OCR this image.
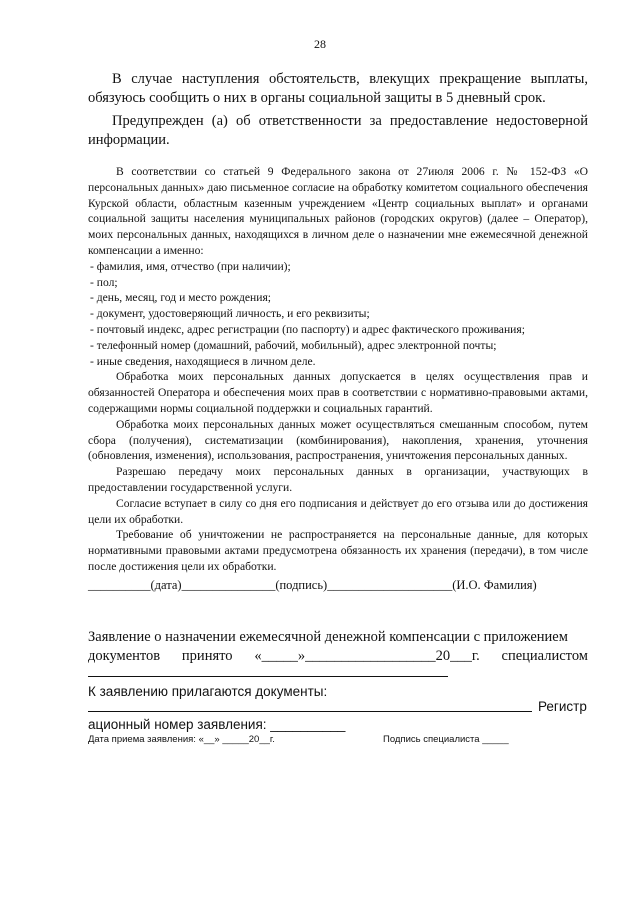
28
В случае наступления обстоятельств, влекущих прекращение выплаты, обязуюсь сообщить о них в органы социальной защиты в 5 дневный срок.
Предупрежден (а) об ответственности за предоставление недостоверной информации.

В соответствии со статьей 9 Федерального закона от 27июля 2006 г. № 152-ФЗ «О персональных данных» даю письменное согласие на обработку комитетом социального обеспечения Курской области, областным казенным учреждением «Центр социальных выплат» и органами социальной защиты населения муниципальных районов (городских округов) (далее – Оператор), моих персональных данных, находящихся в личном деле о назначении мне ежемесячной денежной компенсации а именно:

- фамилия, имя, отчество (при наличии);

- пол;

- день, месяц, год и место рождения;

- документ, удостоверяющий личность, и его реквизиты;

- почтовый индекс, адрес регистрации (по паспорту) и адрес фактического проживания;

- телефонный номер (домашний, рабочий, мобильный), адрес электронной почты;

- иные сведения, находящиеся в личном деле.

Обработка моих персональных данных допускается в целях осуществления прав и обязанностей Оператора и обеспечения моих прав в соответствии с нормативно-правовыми актами, содержащими нормы социальной поддержки и социальных гарантий.

Обработка моих персональных данных может осуществляться смешанным способом, путем сбора (получения), систематизации (комбинирования), накопления, хранения, уточнения (обновления, изменения), использования, распространения, уничтожения персональных данных.

Разрешаю передачу моих персональных данных в организации, участвующих в предоставлении государственной услуги.

Согласие вступает в силу со дня его подписания и действует до его отзыва или до достижения цели их обработки.

Требование об уничтожении не распространяется на персональные данные, для которых нормативными правовыми актами предусмотрена обязанность их хранения (передачи), в том числе после достижения цели их обработки.

__________(дата)_______________(подпись)____________________(И.О. Фамилия)
Заявление о назначении ежемесячной денежной компенсации с приложением
документов принято «_____»__________________20___г. специалистом
К заявлению прилагаются документы:
Регистр
ационный номер заявления: __________
Дата приема заявления: «__» _____20__г.	Подпись специалиста _____
